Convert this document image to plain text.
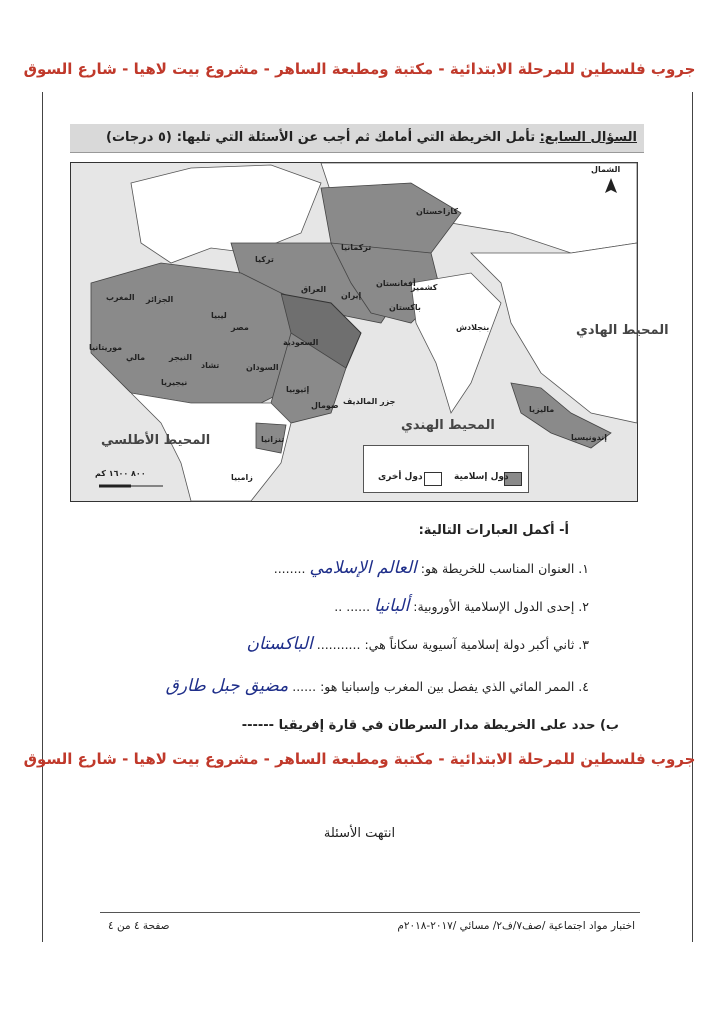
جروب فلسطين للمرحلة الابتدائية - مكتبة ومطبعة الساهر - مشروع بيت لاهيا - شارع السوق
السؤال السابع: تأمل الخريطة التي أمامك ثم أجب عن الأسئلة التي تليها:
(٥ درجات)
الشمال
كازاخستان
تركمانيا
تركيا
العراق
إيران
أفغانستان
باكستان
كشمير
بنجلادش
السعودية
مصر
ليبيا
الجزائر
المغرب
موريتانيا
مالي	النيجر
تشاد	السودان
صومال
إثيوبيا
نيجيريا
تنزانيا
زامبيا
جزر المالديف
إندونيسيا
ماليزيا
المحيط الأطلسي
المحيط الهندي
المحيط الهادي
٨٠٠ ١٦٠٠ كم	دول إسلامية
دول أخرى
أ- أكمل العبارات التالية:
١. العنوان المناسب للخريطة هو: العالم الإسلامي ........
٢. إحدى الدول الإسلامية الأوروبية: ألبانيا ...... ..
٣. ثاني أكبر دولة إسلامية آسيوية سكاناً هي: ........... الباكستان
٤. الممر المائي الذي يفصل بين المغرب وإسبانيا هو: ...... مضيق جبل طارق
ب) حدد على الخريطة مدار السرطان في قارة إفريقيا ------
جروب فلسطين للمرحلة الابتدائية - مكتبة ومطبعة الساهر - مشروع بيت لاهيا - شارع السوق
انتهت الأسئلة
صفحة ٤ من ٤	اختبار مواد اجتماعية /صف٧/ف٢/ مسائي /٢٠١٧-٢٠١٨م
